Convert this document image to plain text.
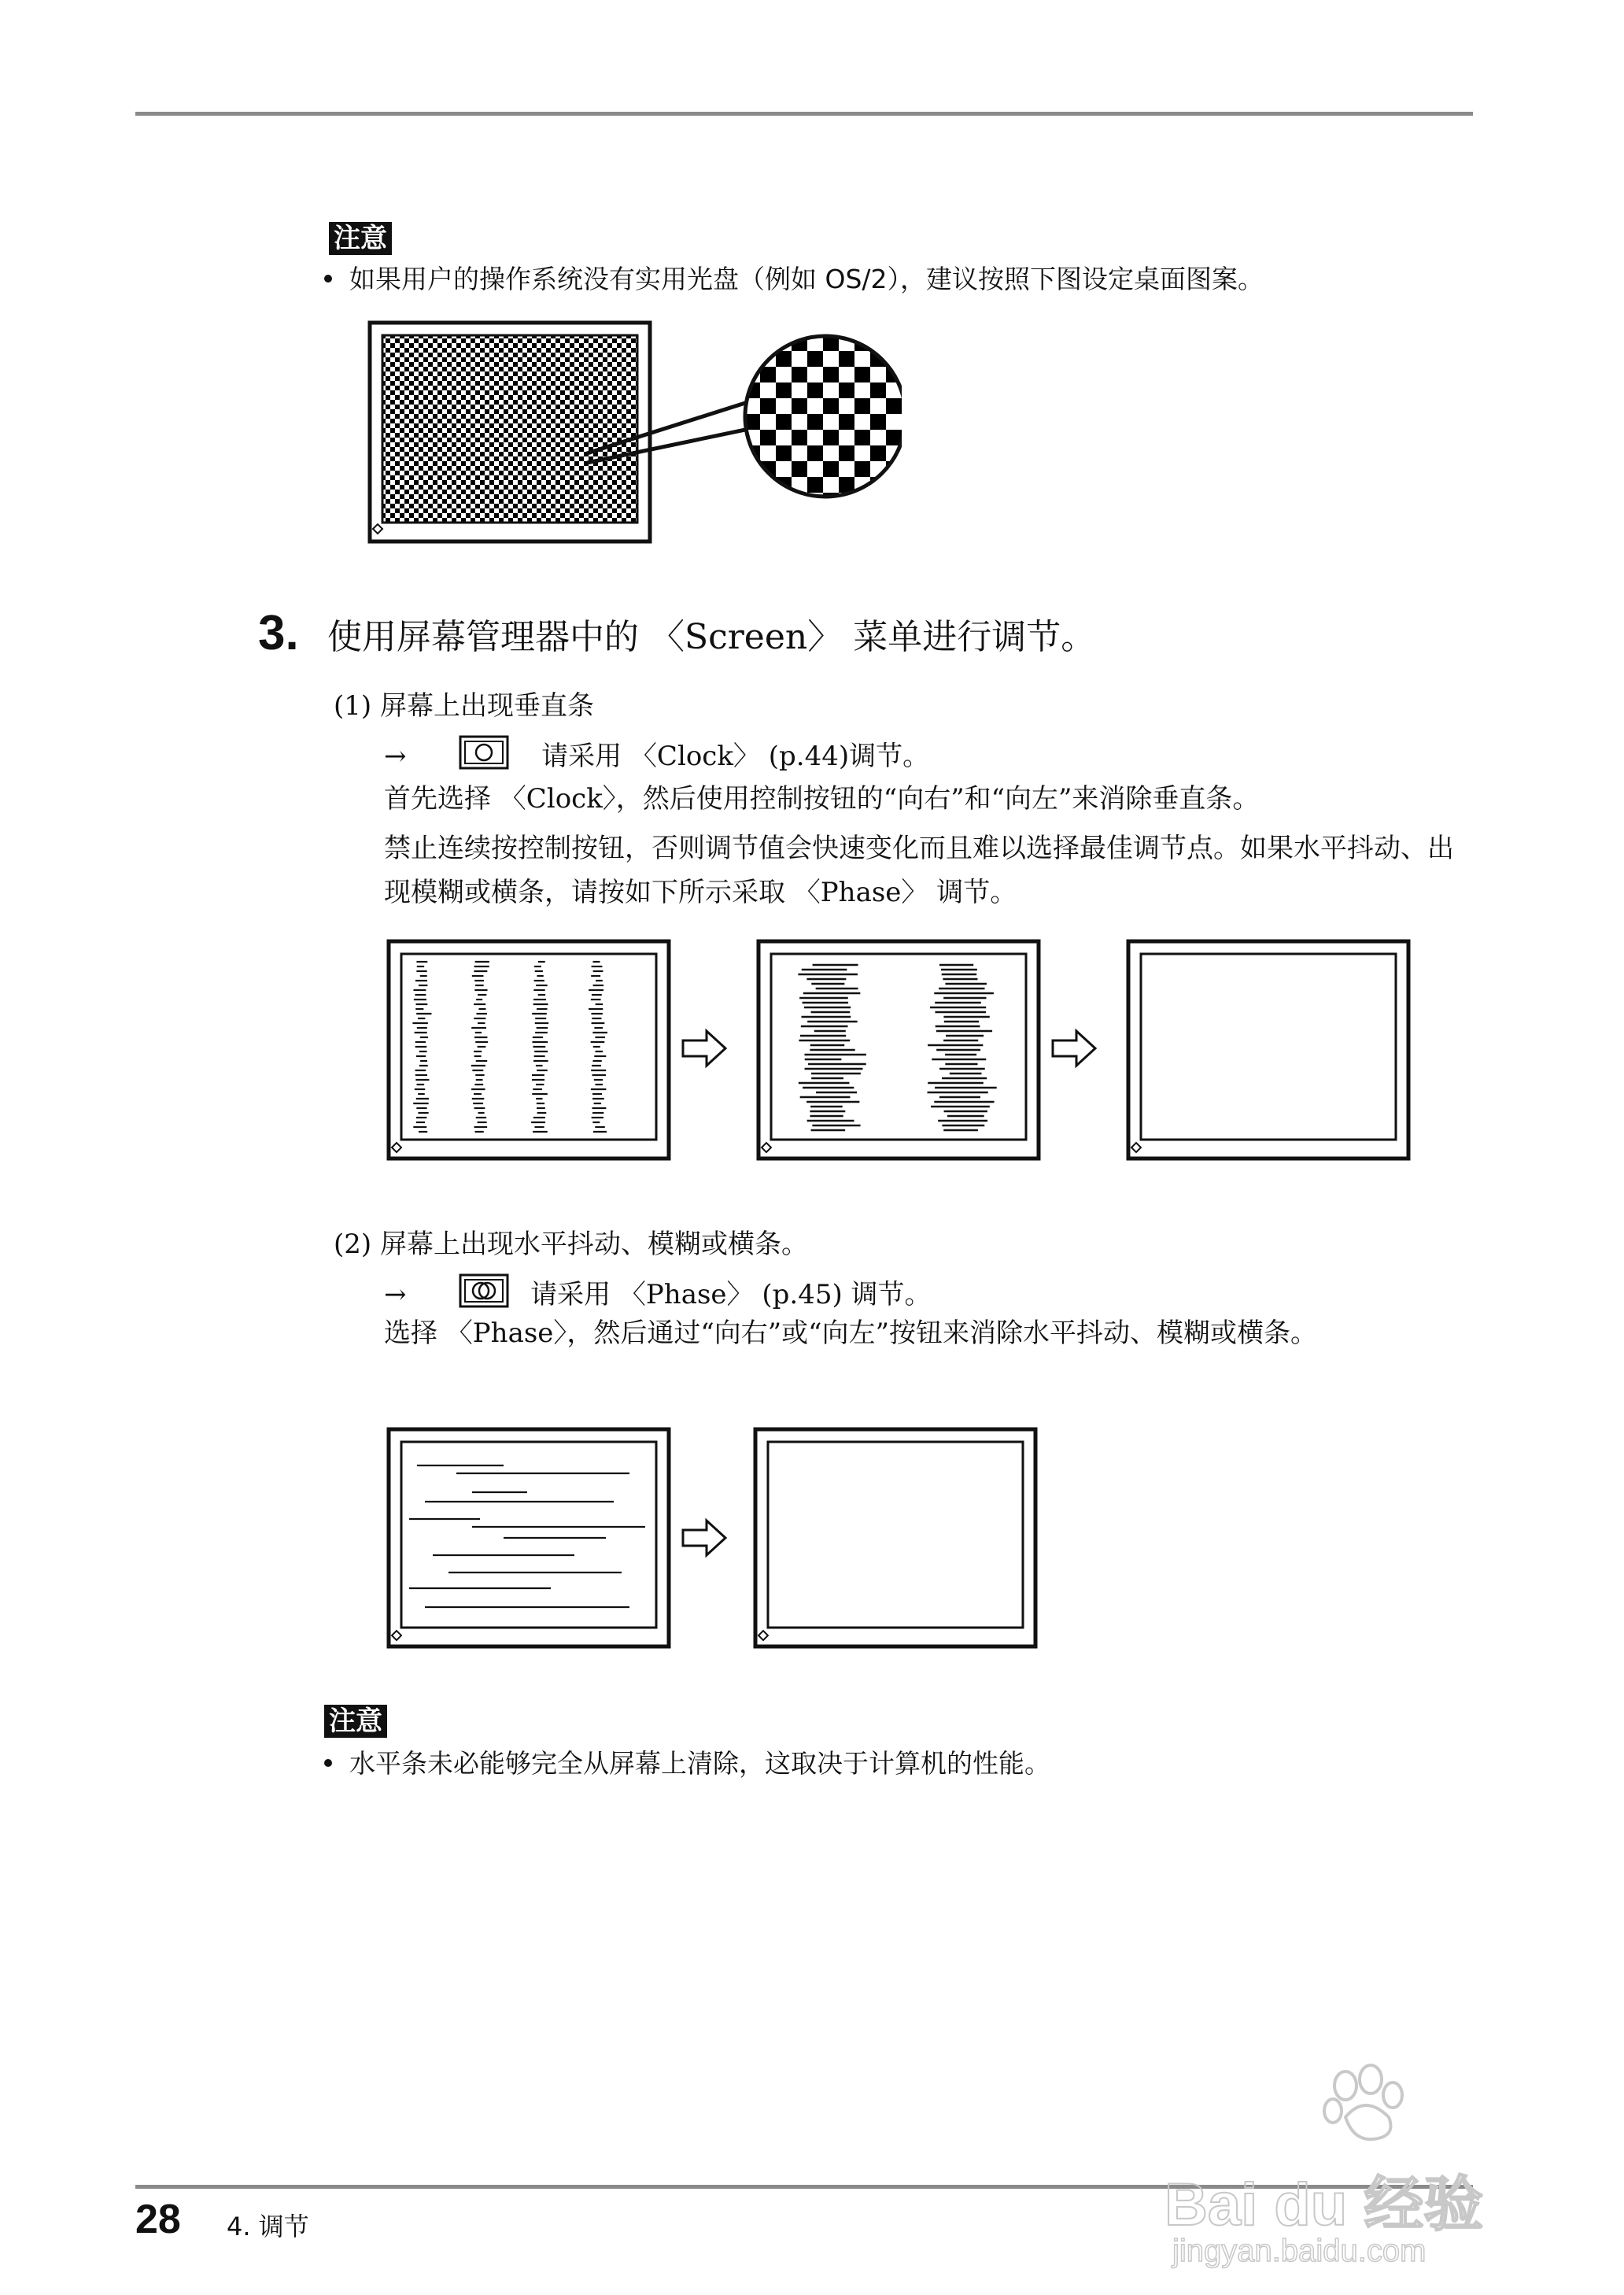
注意
如果用户的操作系统没有实用光盘（例如 OS/2），建议按照下图设定桌面图案。
3. 使用屏幕管理器中的 〈Screen〉 菜单进行调节。
(1) 屏幕上出现垂直条
→	请采用 〈Clock〉 (p.44)调节。
首先选择 〈Clock〉，然后使用控制按钮的“向右”和“向左”来消除垂直条。
禁止连续按控制按钮，否则调节值会快速变化而且难以选择最佳调节点。如果水平抖动、出现模糊或横条，请按如下所示采取 〈Phase〉 调节。
(2) 屏幕上出现水平抖动、模糊或横条。
→	请采用 〈Phase〉 (p.45) 调节。
选择 〈Phase〉，然后通过“向右”或“向左”按钮来消除水平抖动、模糊或横条。
注意
水平条未必能够完全从屏幕上清除，这取决于计算机的性能。
28 4. 调节	Bai du 经验
jingyan.baidu.com
